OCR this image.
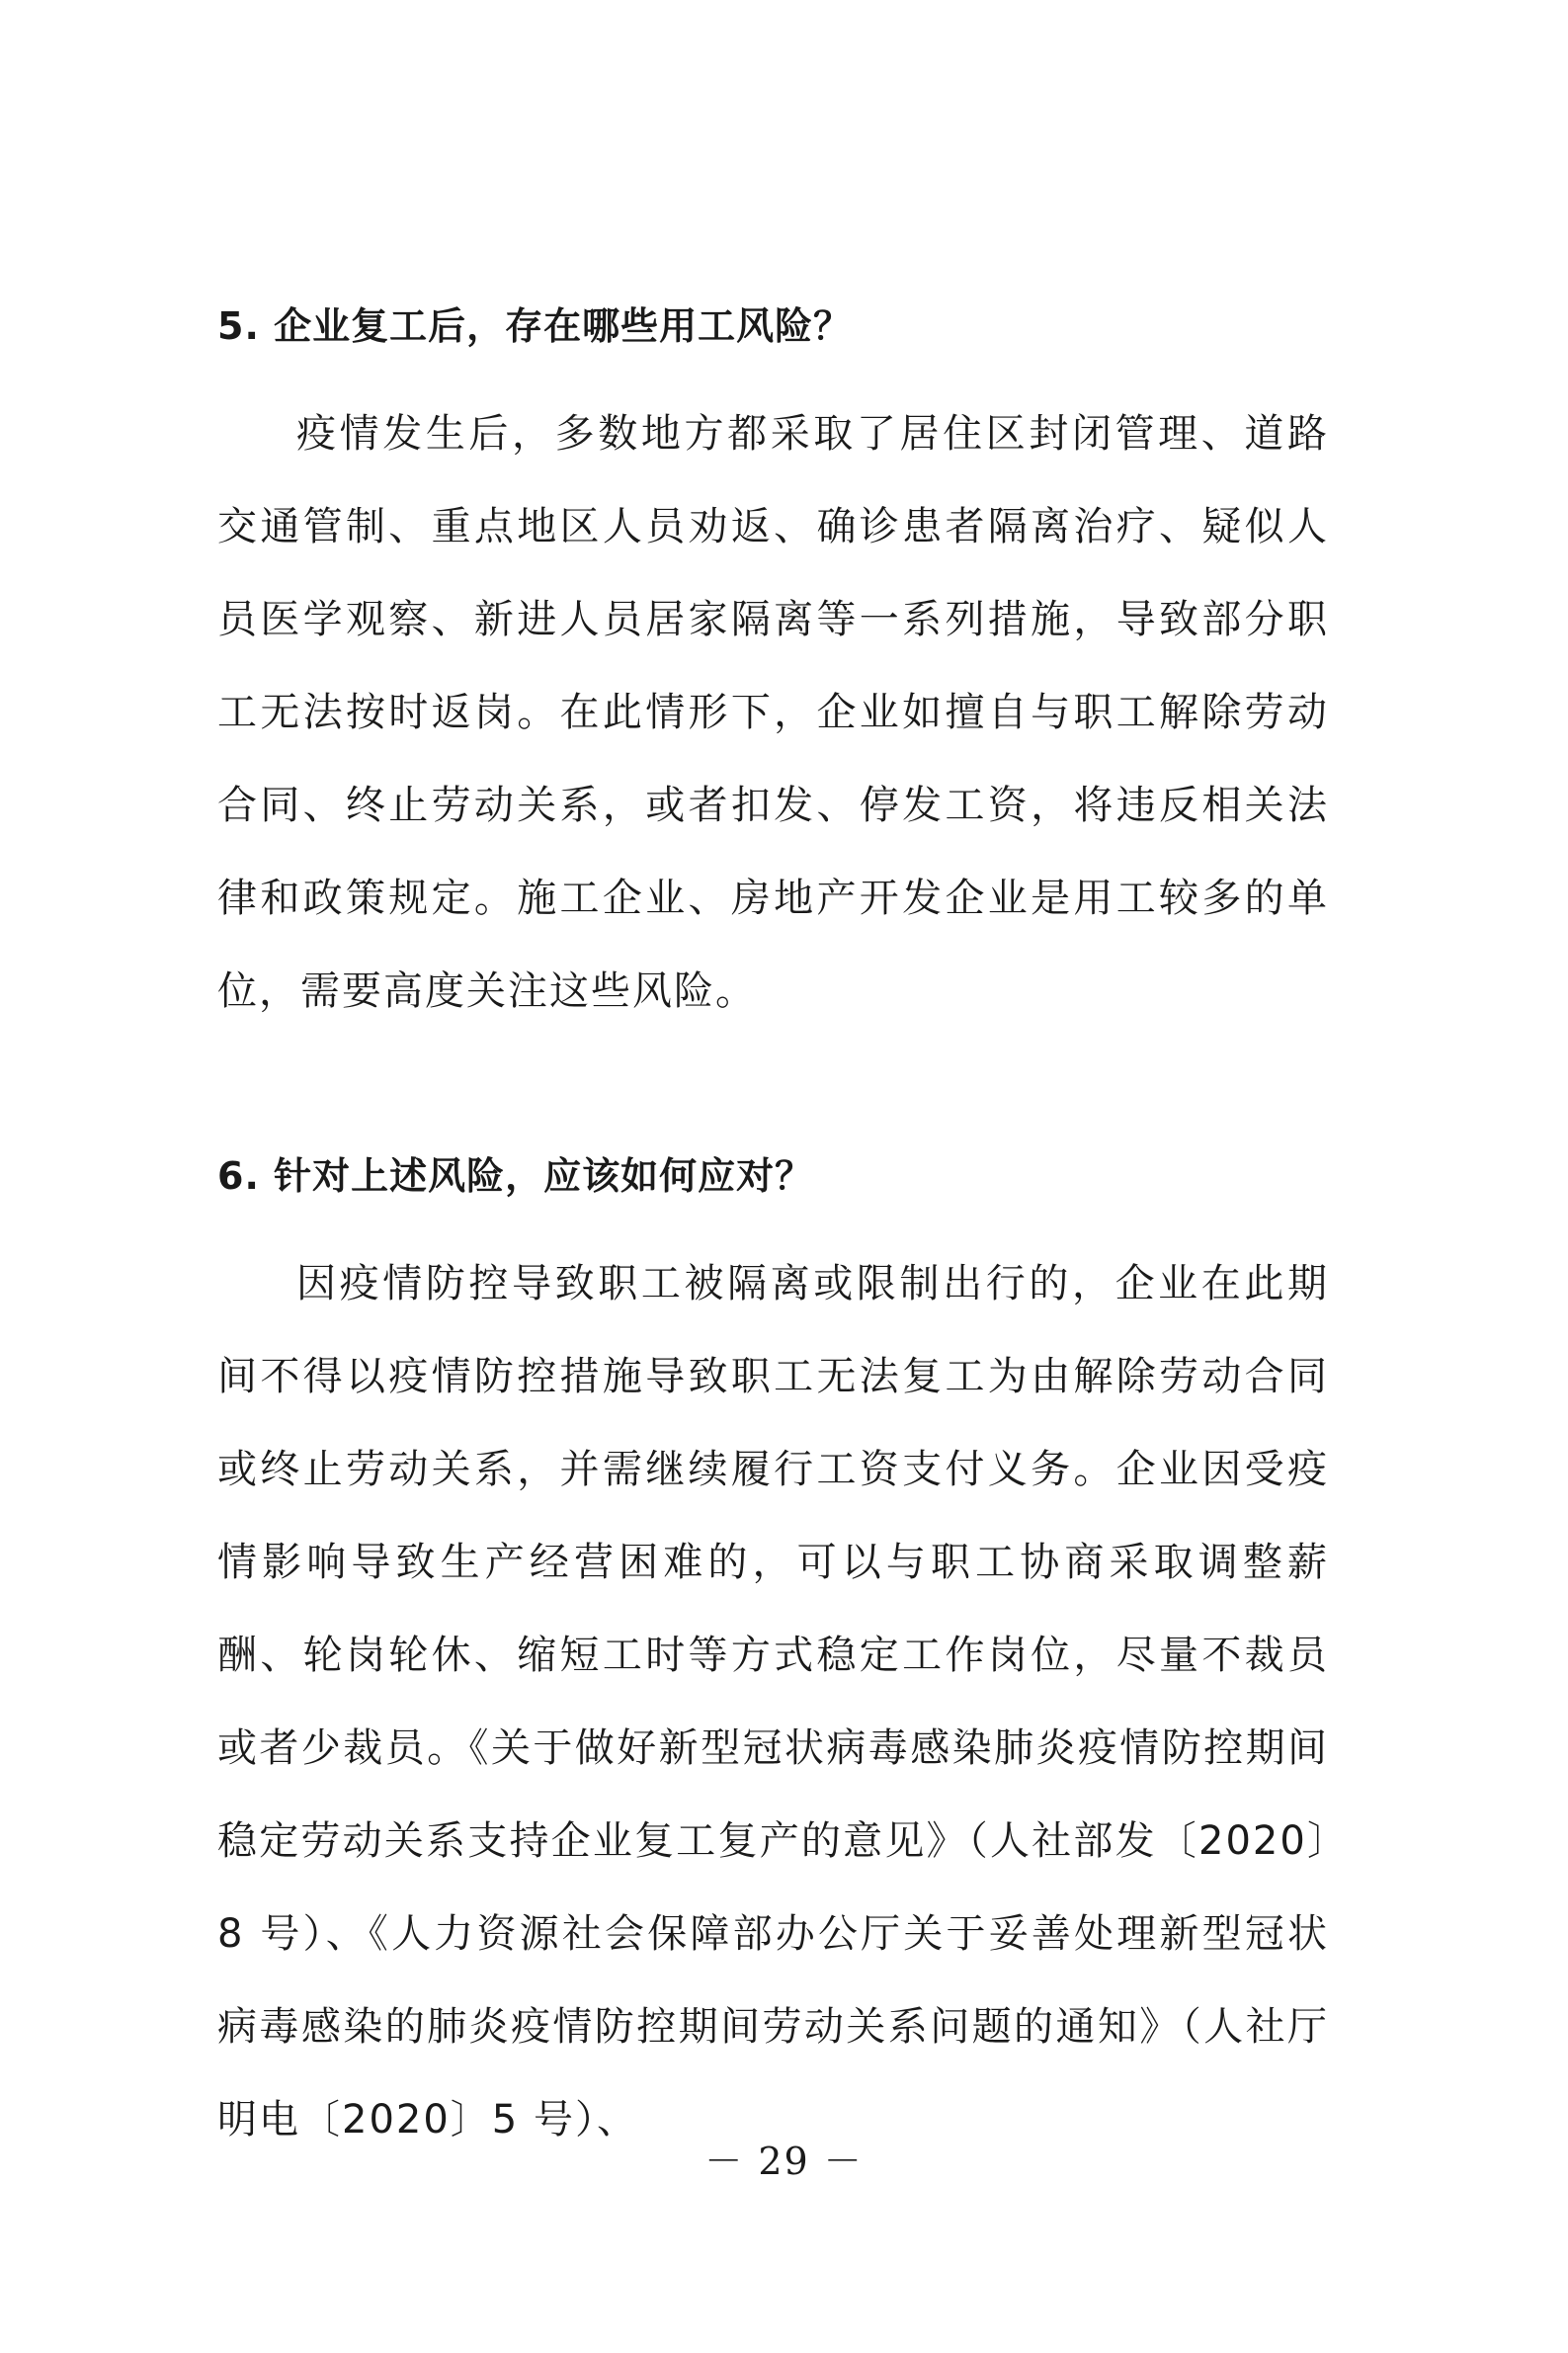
5. 企业复工后，存在哪些用工风险？

疫情发生后，多数地方都采取了居住区封闭管理、道路交通管制、重点地区人员劝返、确诊患者隔离治疗、疑似人员医学观察、新进人员居家隔离等一系列措施，导致部分职工无法按时返岗。在此情形下，企业如擅自与职工解除劳动合同、终止劳动关系，或者扣发、停发工资，将违反相关法律和政策规定。施工企业、房地产开发企业是用工较多的单位，需要高度关注这些风险。

6. 针对上述风险，应该如何应对？

因疫情防控导致职工被隔离或限制出行的，企业在此期间不得以疫情防控措施导致职工无法复工为由解除劳动合同或终止劳动关系，并需继续履行工资支付义务。企业因受疫情影响导致生产经营困难的，可以与职工协商采取调整薪酬、轮岗轮休、缩短工时等方式稳定工作岗位，尽量不裁员或者少裁员。《关于做好新型冠状病毒感染肺炎疫情防控期间稳定劳动关系支持企业复工复产的意见》（人社部发〔2020〕8 号）、《人力资源社会保障部办公厅关于妥善处理新型冠状病毒感染的肺炎疫情防控期间劳动关系问题的通知》（人社厅明电〔2020〕5 号）、

－ 29 －
